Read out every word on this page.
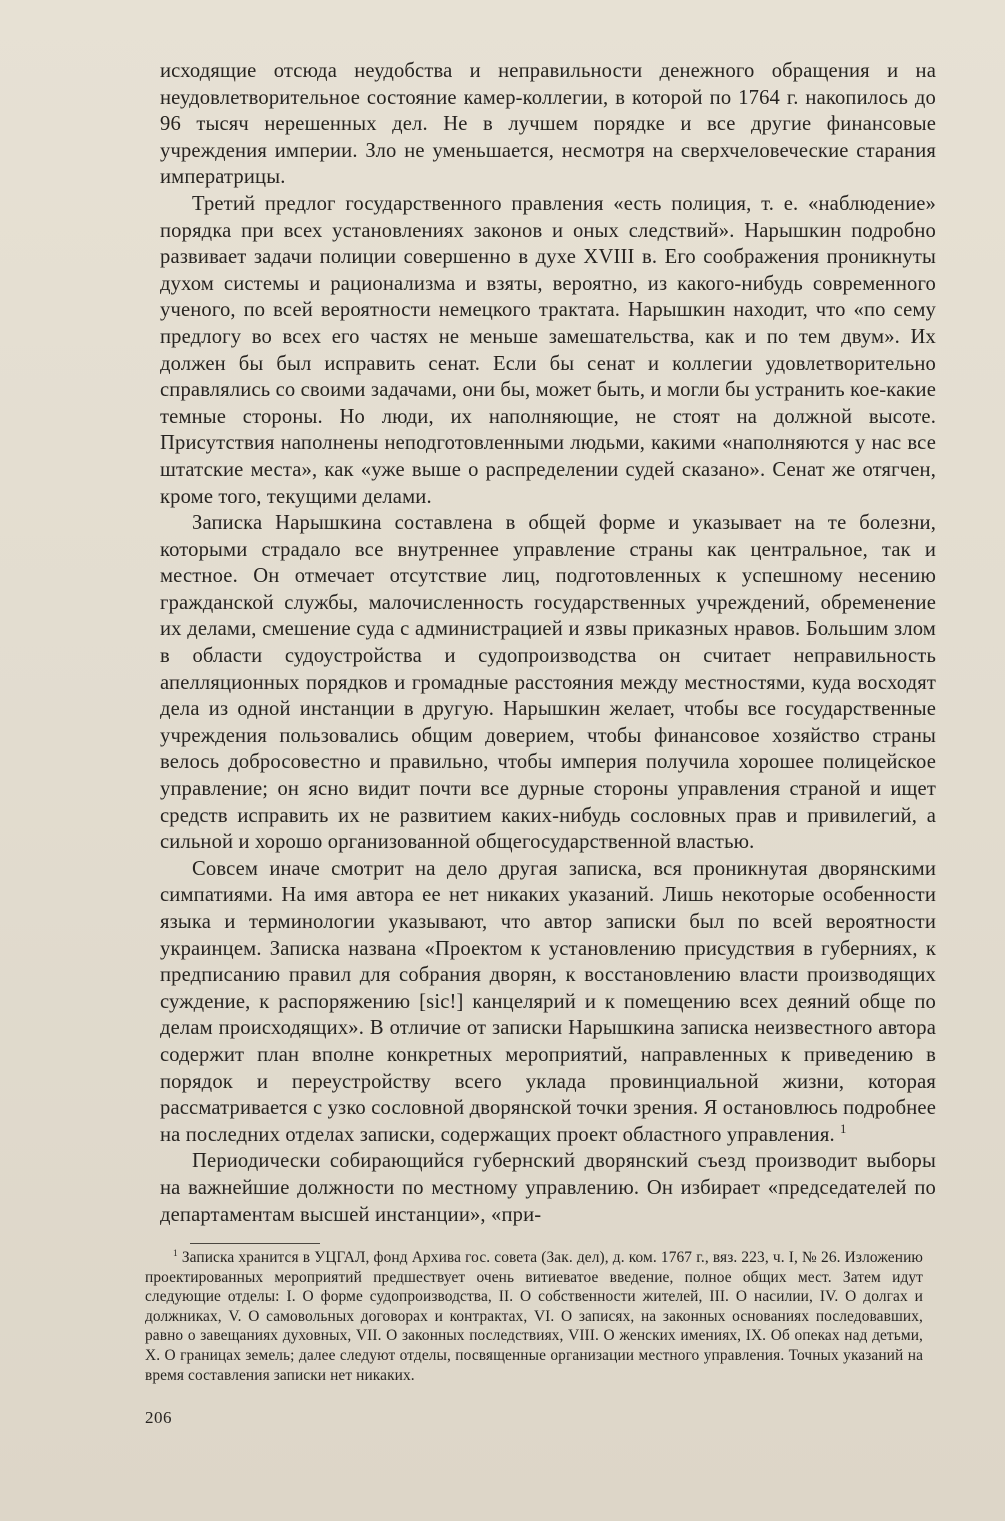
исходящие отсюда неудобства и неправильности денежного обращения и на неудовлетворительное состояние камер-коллегии, в которой по 1764 г. накопилось до 96 тысяч нерешенных дел. Не в лучшем порядке и все другие финансовые учреждения империи. Зло не уменьшается, несмотря на сверхчеловеческие старания императрицы.

Третий предлог государственного правления «есть полиция, т. е. «наблюдение» порядка при всех установлениях законов и оных следствий». Нарышкин подробно развивает задачи полиции совершенно в духе XVIII в. Его соображения проникнуты духом системы и рационализма и взяты, вероятно, из какого-нибудь современного ученого, по всей вероятности немецкого трактата. Нарышкин находит, что «по сему предлогу во всех его частях не меньше замешательства, как и по тем двум». Их должен бы был исправить сенат. Если бы сенат и коллегии удовлетворительно справлялись со своими задачами, они бы, может быть, и могли бы устранить кое-какие темные стороны. Но люди, их наполняющие, не стоят на должной высоте. Присутствия наполнены неподготовленными людьми, какими «наполняются у нас все штатские места», как «уже выше о распределении судей сказано». Сенат же отягчен, кроме того, текущими делами.

Записка Нарышкина составлена в общей форме и указывает на те болезни, которыми страдало все внутреннее управление страны как центральное, так и местное. Он отмечает отсутствие лиц, подготовленных к успешному несению гражданской службы, малочисленность государственных учреждений, обременение их делами, смешение суда с администрацией и язвы приказных нравов. Большим злом в области судоустройства и судопроизводства он считает неправильность апелляционных порядков и громадные расстояния между местностями, куда восходят дела из одной инстанции в другую. Нарышкин желает, чтобы все государственные учреждения пользовались общим доверием, чтобы финансовое хозяйство страны велось добросовестно и правильно, чтобы империя получила хорошее полицейское управление; он ясно видит почти все дурные стороны управления страной и ищет средств исправить их не развитием каких-нибудь сословных прав и привилегий, а сильной и хорошо организованной общегосударственной властью.

Совсем иначе смотрит на дело другая записка, вся проникнутая дворянскими симпатиями. На имя автора ее нет никаких указаний. Лишь некоторые особенности языка и терминологии указывают, что автор записки был по всей вероятности украинцем. Записка названа «Проектом к установлению присудствия в губерниях, к предписанию правил для собрания дворян, к восстановлению власти производящих суждение, к распоряжению [sic!] канцелярий и к помещению всех деяний обще по делам происходящих». В отличие от записки Нарышкина записка неизвестного автора содержит план вполне конкретных мероприятий, направленных к приведению в порядок и переустройству всего уклада провинциальной жизни, которая рассматривается с узко сословной дворянской точки зрения. Я остановлюсь подробнее на последних отделах записки, содержащих проект областного управления. $^1$

Периодически собирающийся губернский дворянский съезд производит выборы на важнейшие должности по местному управлению. Он избирает «председателей по департаментам высшей инстанции», «при-

$^1$ Записка хранится в УЦГАЛ, фонд Архива гос. совета (Зак. дел), д. ком. 1767 г., вяз. 223, ч. I, № 26. Изложению проектированных мероприятий предшествует очень витиеватое введение, полное общих мест. Затем идут следующие отделы: I. О форме судопроизводства, II. О собственности жителей, III. О насилии, IV. О долгах и должниках, V. О самовольных договорах и контрактах, VI. О записях, на законных основаниях последовавших, равно о завещаниях духовных, VII. О законных последствиях, VIII. О женских имениях, IX. Об опеках над детьми, X. О границах земель; далее следуют отделы, посвященные организации местного управления. Точных указаний на время составления записки нет никаких.

206
